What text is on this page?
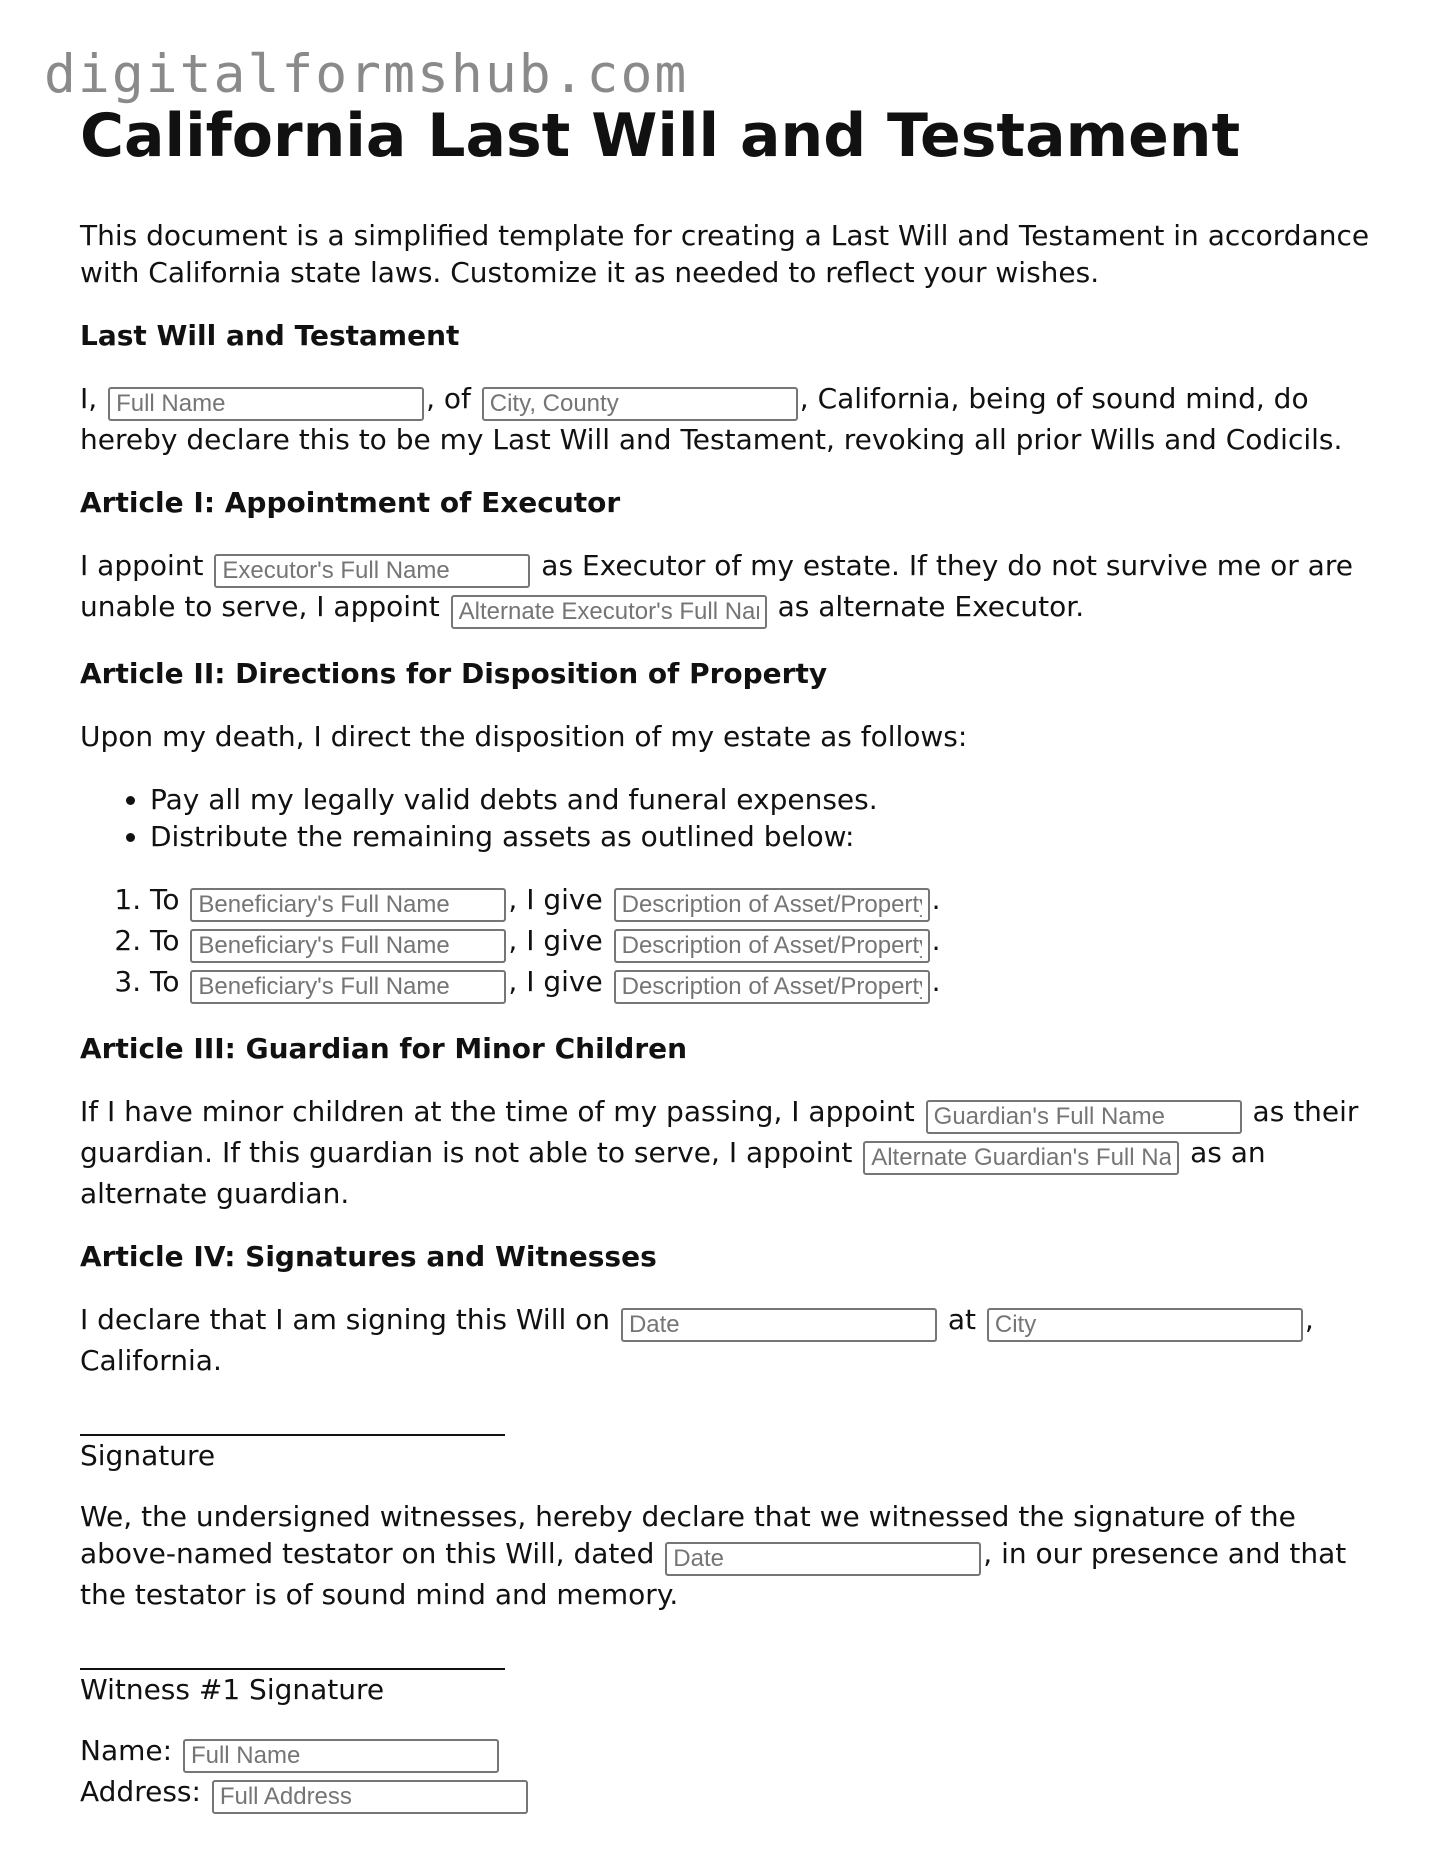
digitalformshub.com
California Last Will and Testament

This document is a simplified template for creating a Last Will and Testament in accordance with California state laws. Customize it as needed to reflect your wishes.

Last Will and Testament

I, Full Name	, of City, County	, California, being of sound mind, do hereby declare this to be my Last Will and Testament, revoking all prior Wills and Codicils.

Article I: Appointment of Executor

I appoint Executor's Full Name	as Executor of my estate. If they do not survive me or are unable to serve, I appoint Alternate Executor's Full Name	as alternate Executor.

Article II: Directions for Disposition of Property

Upon my death, I direct the disposition of my estate as follows:

• Pay all my legally valid debts and funeral expenses.
• Distribute the remaining assets as outlined below:
1. To Beneficiary's Full Name	, I give Description of Asset/Property	.
2. To Beneficiary's Full Name	, I give Description of Asset/Property	.
3. To Beneficiary's Full Name	, I give Description of Asset/Property	.
Article III: Guardian for Minor Children

If I have minor children at the time of my passing, I appoint Guardian's Full Name	as their guardian. If this guardian is not able to serve, I appoint Alternate Guardian's Full Name	as an alternate guardian.

Article IV: Signatures and Witnesses

I declare that I am signing this Will on Date	at City	, California.

Signature

We, the undersigned witnesses, hereby declare that we witnessed the signature of the above-named testator on this Will, dated Date	, in our presence and that the testator is of sound mind and memory.

Witness #1 Signature
Name: Full Name
Address: Full Address
